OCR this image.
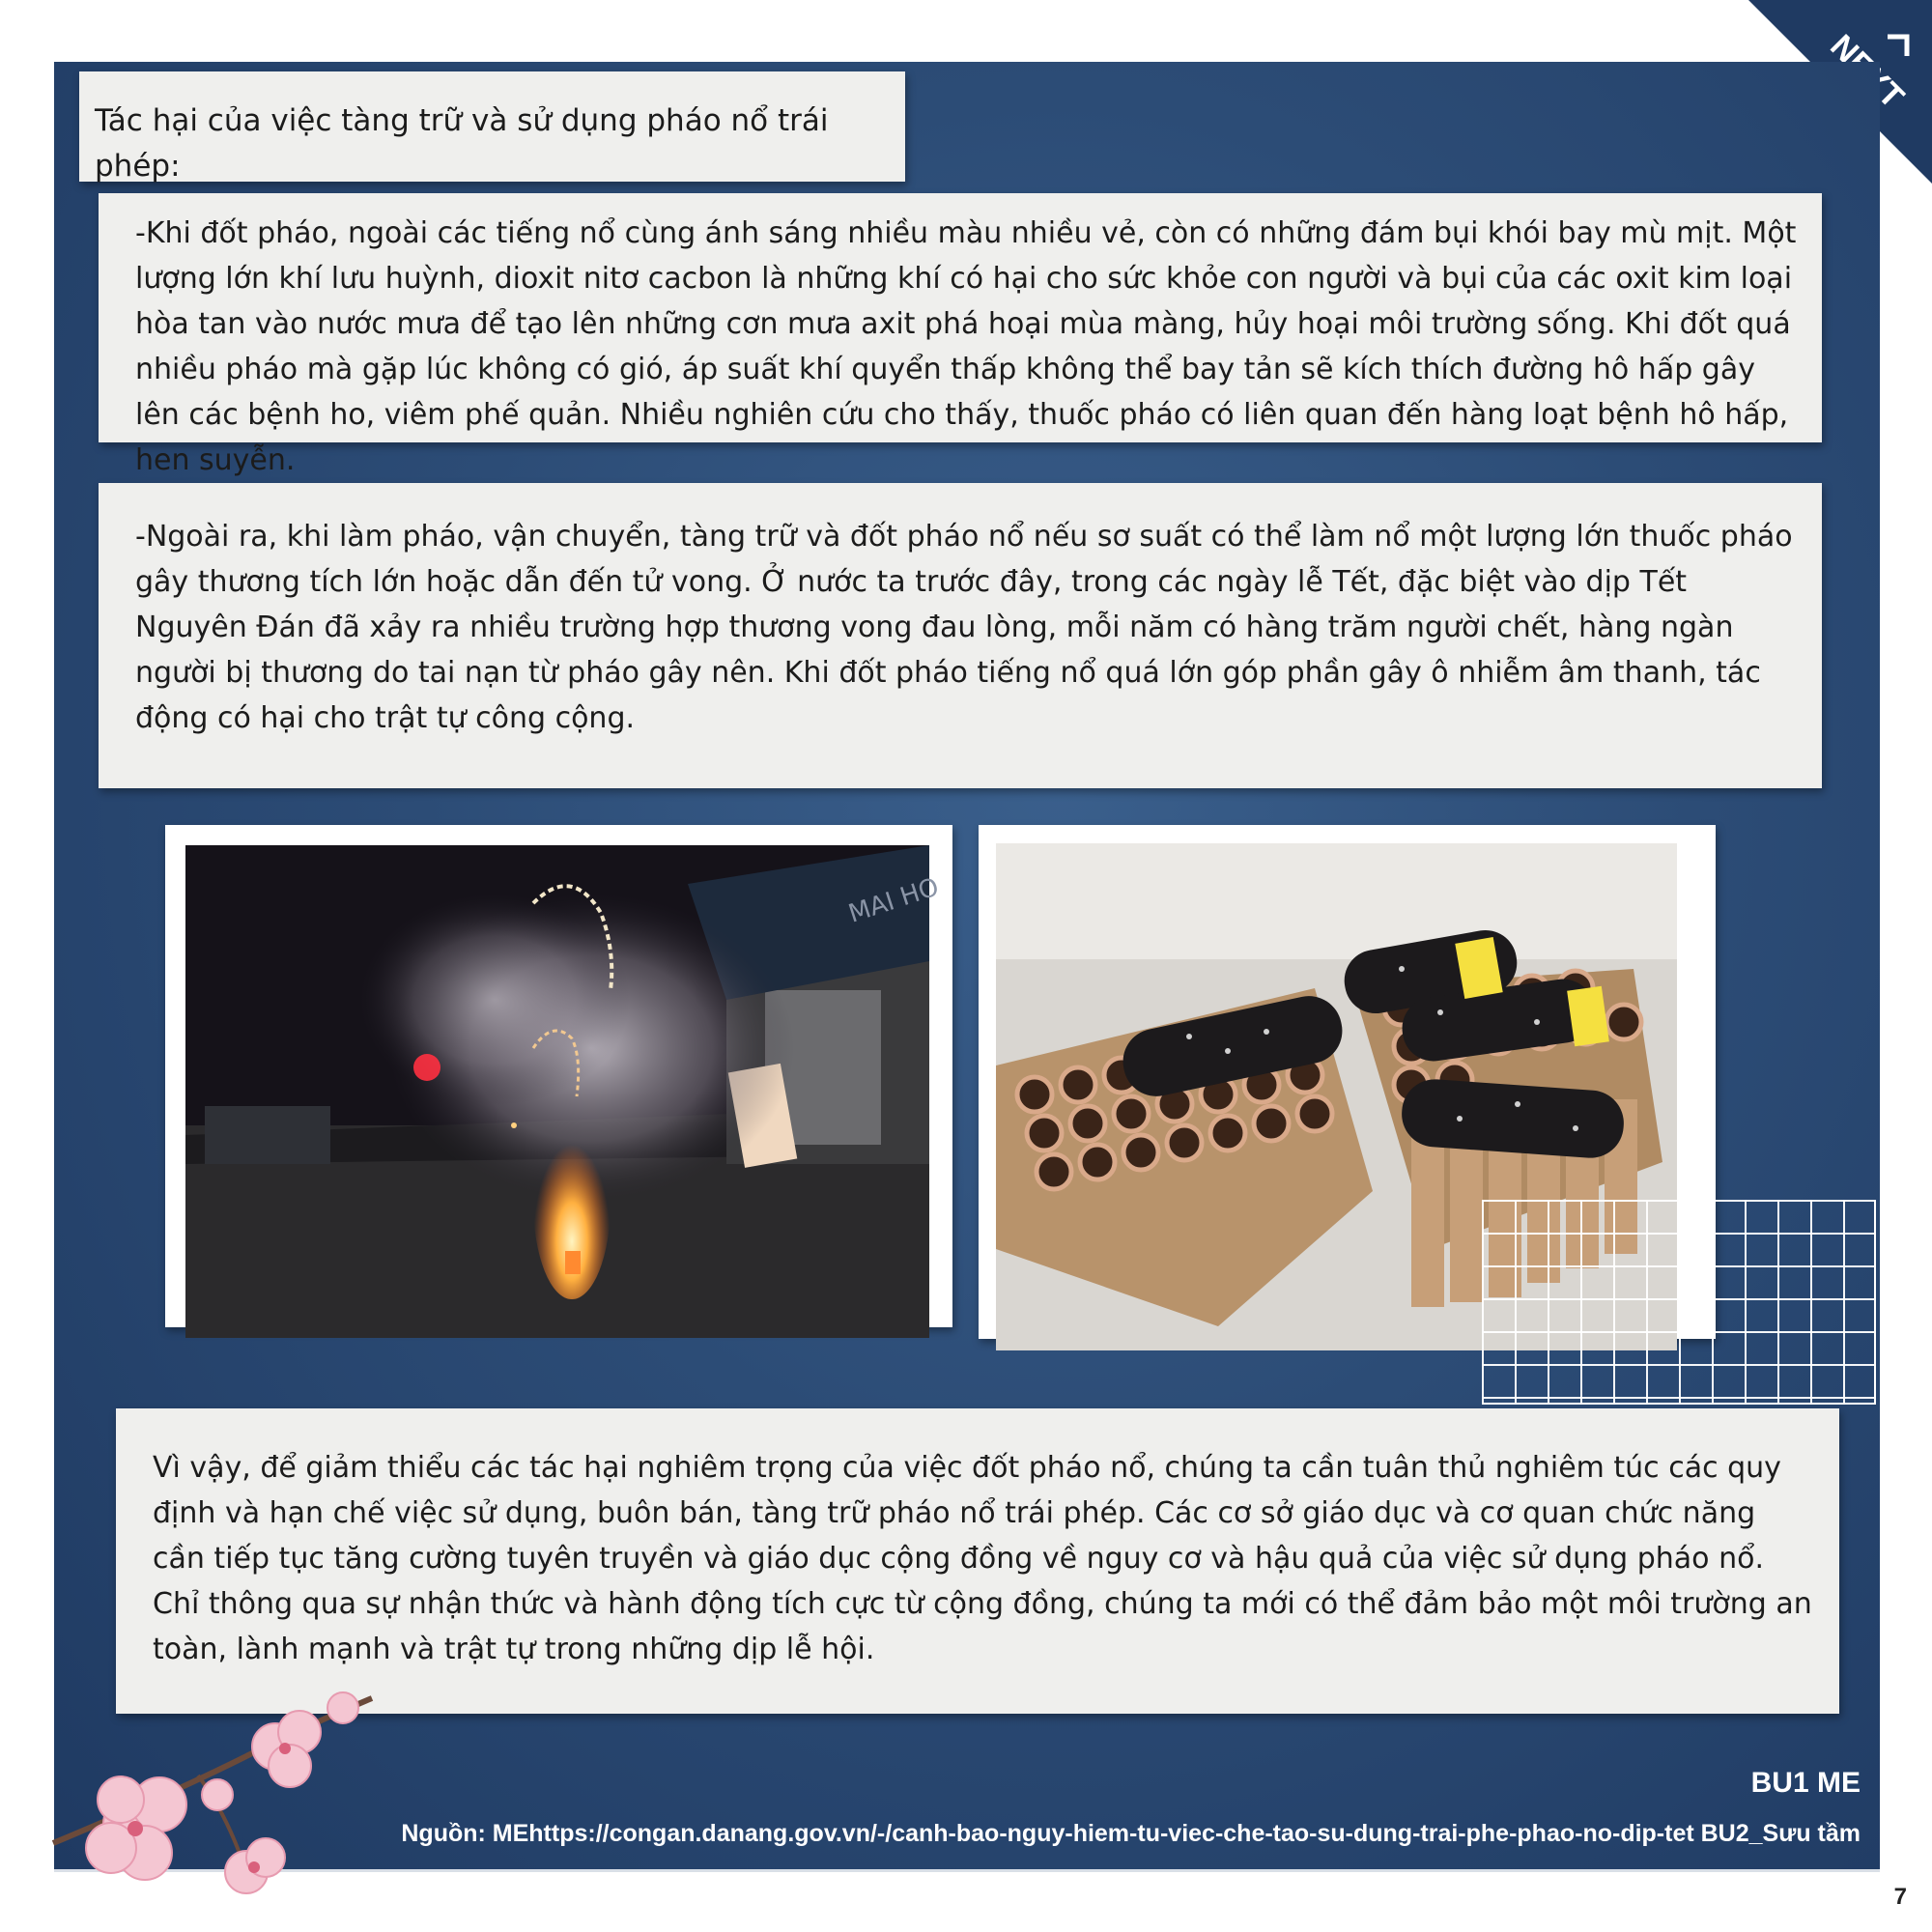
Tác hại của việc tàng trữ và sử dụng pháo nổ trái phép:
-Khi đốt pháo, ngoài các tiếng nổ cùng ánh sáng nhiều màu nhiều vẻ, còn có những đám bụi khói bay mù mịt. Một lượng lớn khí lưu huỳnh, dioxit nitơ cacbon là những khí có hại cho sức khỏe con người và bụi của các oxit kim loại hòa tan vào nước mưa để tạo lên những cơn mưa axit phá hoại mùa màng, hủy hoại môi trường sống. Khi đốt quá nhiều pháo mà gặp lúc không có gió, áp suất khí quyển thấp không thể bay tản sẽ kích thích đường hô hấp gây lên các bệnh ho, viêm phế quản. Nhiều nghiên cứu cho thấy, thuốc pháo có liên quan đến hàng loạt bệnh hô hấp, hen suyễn.
-Ngoài ra, khi làm pháo, vận chuyển, tàng trữ và đốt pháo nổ nếu sơ suất có thể làm nổ một lượng lớn thuốc pháo gây thương tích lớn hoặc dẫn đến tử vong. Ở nước ta trước đây, trong các ngày lễ Tết, đặc biệt vào dịp Tết Nguyên Đán đã xảy ra nhiều trường hợp thương vong đau lòng, mỗi năm có hàng trăm người chết, hàng ngàn người bị thương do tai nạn từ pháo gây nên. Khi đốt pháo tiếng nổ quá lớn góp phần gây ô nhiễm âm thanh, tác động có hại cho trật tự công cộng.
MAI HO
Vì vậy, để giảm thiểu các tác hại nghiêm trọng của việc đốt pháo nổ, chúng ta cần tuân thủ nghiêm túc các quy định và hạn chế việc sử dụng, buôn bán, tàng trữ pháo nổ trái phép. Các cơ sở giáo dục và cơ quan chức năng cần tiếp tục tăng cường tuyên truyền và giáo dục cộng đồng về nguy cơ và hậu quả của việc sử dụng pháo nổ. Chỉ thông qua sự nhận thức và hành động tích cực từ cộng đồng, chúng ta mới có thể đảm bảo một môi trường an toàn, lành mạnh và trật tự trong những dịp lễ hội.
BU1 ME
Nguồn: MEhttps://congan.danang.gov.vn/-/canh-bao-nguy-hiem-tu-viec-che-tao-su-dung-trai-phe-phao-no-dip-tet BU2_Sưu tầm
7
